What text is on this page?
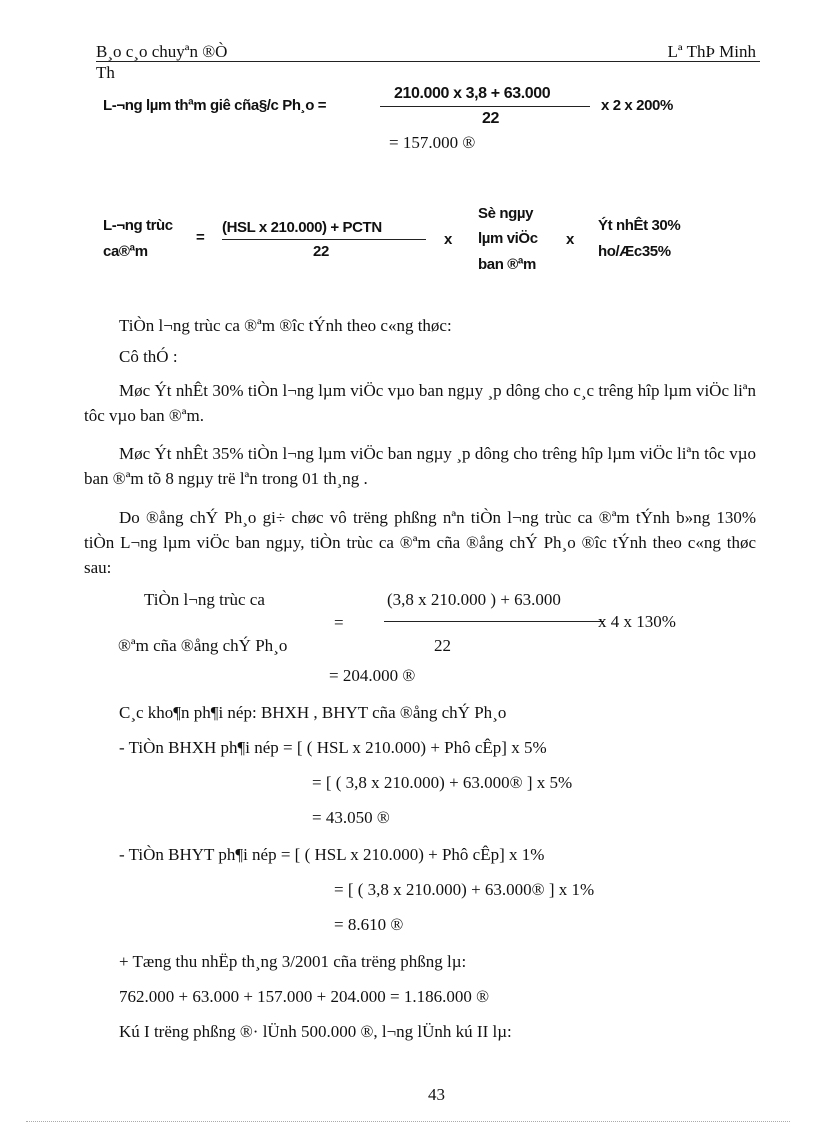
B¸o c¸o chuyªn ®Ò
Th
Lª ThÞ Minh
L-¬ng lµm thªm giê cña§/c Ph¸o =
210.000 x 3,8 + 63.000
22
x 2 x 200%
= 157.000 ®
L-¬ng trùc
ca®ªm
=
(HSL x 210.000) + PCTN
22
x
Sè ngµy
lµm viÖc
ban ®ªm
x
Ýt nhÊt 30%
ho/Æc35%
TiÒn l¬ng trùc ca ®ªm ®îc tÝnh theo c«ng thøc:
Cô thÓ :
Møc Ýt nhÊt 30% tiÒn l¬ng lµm viÖc vµo ban ngµy ¸p dông cho c¸c trêng hîp lµm viÖc liªn tôc vµo ban ®ªm.
Møc Ýt nhÊt 35% tiÒn l¬ng lµm viÖc ban ngµy ¸p dông cho trêng hîp lµm viÖc liªn tôc vµo ban ®ªm tõ 8 ngµy trë lªn trong 01 th¸ng .
Do ®ång chÝ Ph¸o gi÷ chøc vô trëng phßng nªn tiÒn l¬ng trùc ca ®ªm tÝnh b»ng 130% tiÒn L¬ng lµm viÖc ban ngµy, tiÒn trùc ca ®ªm cña ®ång chÝ Ph¸o ®îc tÝnh theo c«ng thøc sau:
TiÒn l¬ng trùc ca
®ªm cña ®ång chÝ Ph¸o
=
(3,8 x 210.000 ) + 63.000
x 4 x 130%
22
= 204.000 ®
C¸c kho¶n ph¶i nép: BHXH , BHYT cña ®ång chÝ Ph¸o
- TiÒn BHXH ph¶i nép = [ ( HSL x 210.000) + Phô cÊp] x 5%
= [ ( 3,8 x 210.000) + 63.000® ] x 5%
= 43.050 ®
- TiÒn BHYT ph¶i nép = [ ( HSL x 210.000) + Phô cÊp] x 1%
= [ ( 3,8 x 210.000) + 63.000® ] x 1%
= 8.610 ®
+ Tæng thu nhËp th¸ng 3/2001 cña trëng phßng lµ:
762.000 + 63.000 + 157.000 + 204.000 = 1.186.000 ®
Kú I trëng phßng ®· lÜnh 500.000 ®, l¬ng lÜnh kú II lµ:
43
